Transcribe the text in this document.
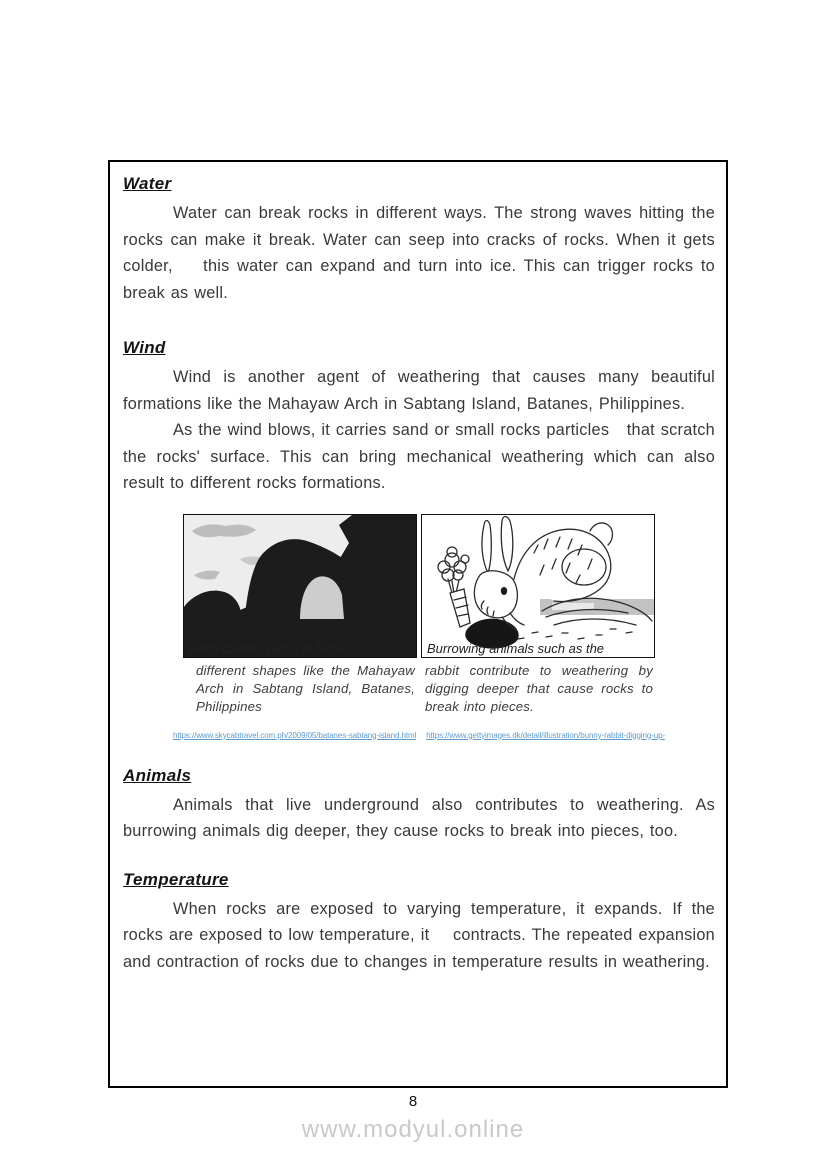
Water

Water can break rocks in different ways. The strong waves hitting the rocks can make it break. Water can seep into cracks of rocks. When it gets colder,    this water can expand and turn into ice. This can trigger rocks to break as well.

Wind

Wind is another agent of weathering that causes many beautiful formations like the Mahayaw Arch in Sabtang Island, Batanes, Philippines.

As the wind blows, it carries sand or small rocks particles   that scratch the rocks' surface. This can bring mechanical weathering which can also result to different rocks formations.

Wind causes rocks to form
different shapes like the Mahayaw Arch in Sabtang Island, Batanes, Philippines
Burrowing animals such as the
rabbit contribute to weathering by digging deeper that cause rocks to break into pieces.
https://www.skycabtravel.com.ph/2009/05/batanes-sabtang-island.html https://www.gettyimages.dk/detail/illustration/bunny-rabbit-digging-up-
Animals

Animals that live underground also contributes to weathering. As burrowing animals dig deeper, they cause rocks to break into pieces, too.

Temperature

When rocks are exposed to varying temperature, it expands. If the rocks are exposed to low temperature, it    contracts. The repeated expansion and contraction of rocks due to changes in temperature results in weathering.

8
www.modyul.online
